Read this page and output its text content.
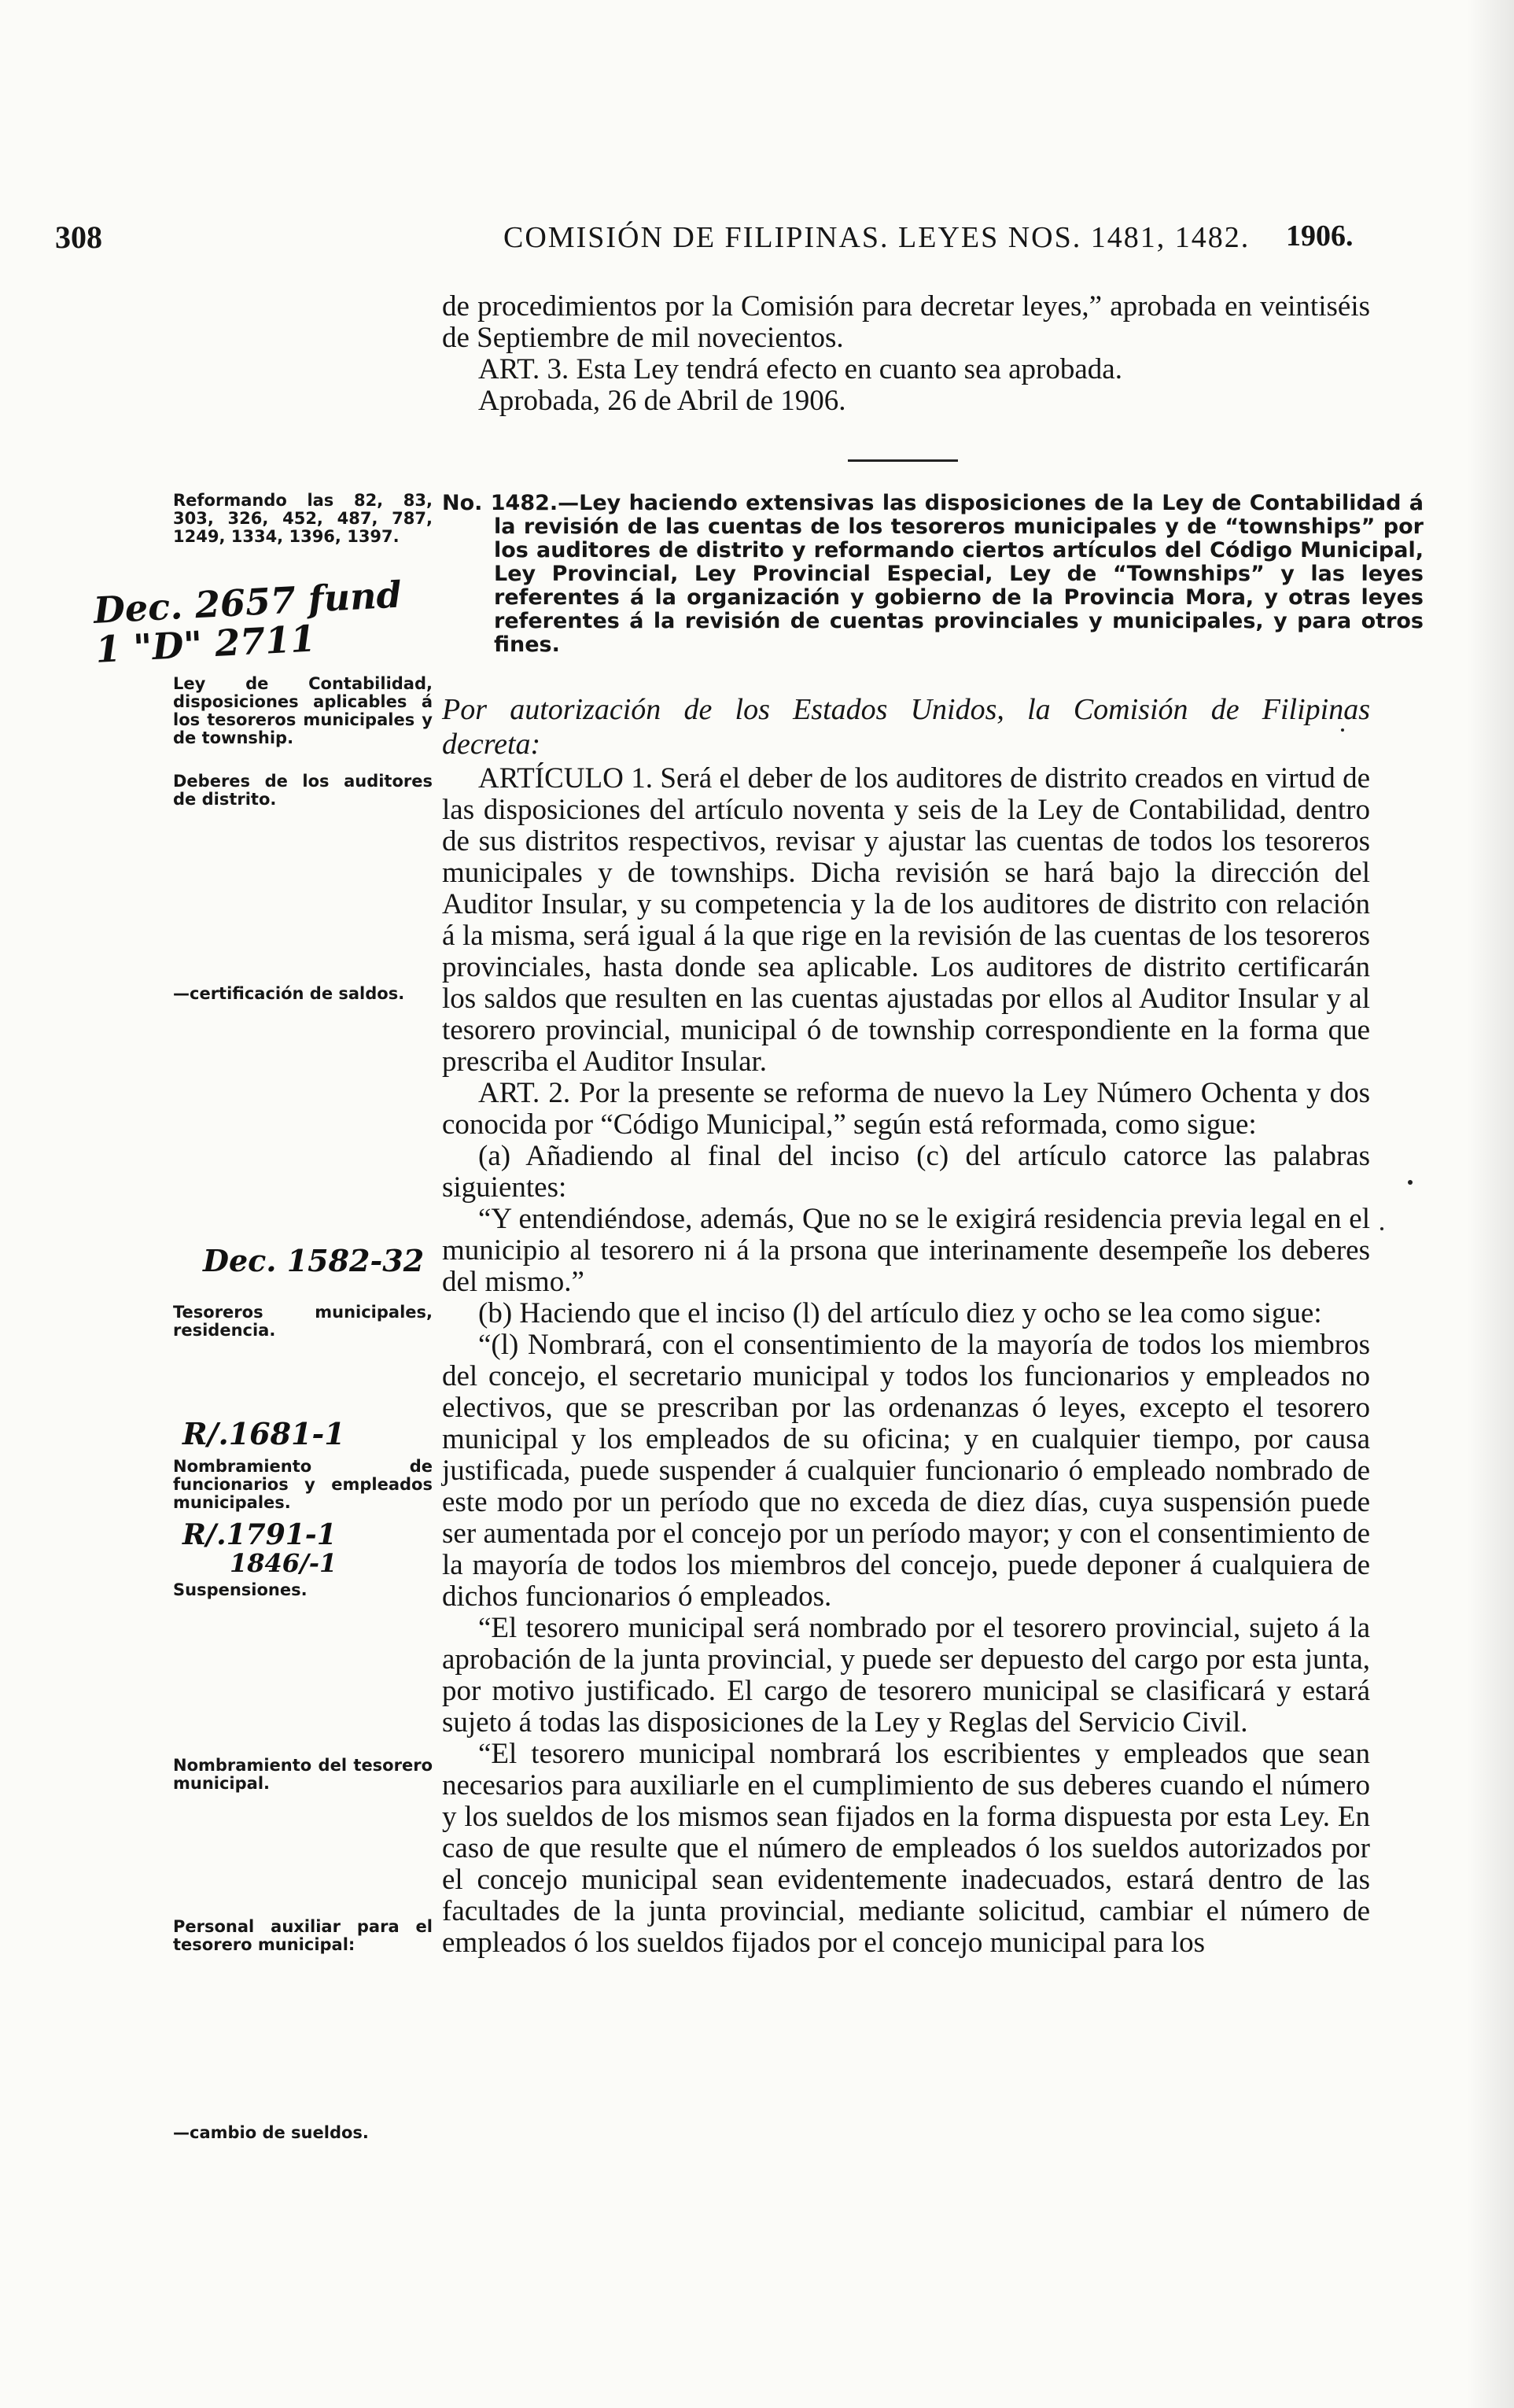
308	COMISIÓN DE FILIPINAS. LEYES NOS. 1481, 1482. 1906.

de procedimientos por la Comisión para decretar leyes,” aprobada en veintiséis de Septiembre de mil novecientos.

ART. 3. Esta Ley tendrá efecto en cuanto sea aprobada.

Aprobada, 26 de Abril de 1906.

No. 1482.—Ley haciendo extensivas las disposiciones de la Ley de Contabilidad á la revisión de las cuentas de los tesoreros municipales y de “townships” por los auditores de distrito y reformando ciertos artículos del Código Municipal, Ley Provincial, Ley Provincial Especial, Ley de “Townships” y las leyes referentes á la organización y gobierno de la Provincia Mora, y otras leyes referentes á la revisión de cuentas provinciales y municipales, y para otros fines.
Por autorización de los Estados Unidos, la Comisión de Filipinas
decreta:

ARTÍCULO 1. Será el deber de los auditores de distrito creados en virtud de las disposiciones del artículo noventa y seis de la Ley de Contabilidad, dentro de sus distritos respectivos, revisar y ajustar las cuentas de todos los tesoreros municipales y de townships. Dicha revisión se hará bajo la dirección del Auditor Insular, y su competencia y la de los auditores de distrito con relación á la misma, será igual á la que rige en la revisión de las cuentas de los tesoreros provinciales, hasta donde sea aplicable. Los auditores de distrito certificarán los saldos que resulten en las cuentas ajustadas por ellos al Auditor Insular y al tesorero provincial, municipal ó de township correspondiente en la forma que prescriba el Auditor Insular.

ART. 2. Por la presente se reforma de nuevo la Ley Número Ochenta y dos conocida por “Código Municipal,” según está reformada, como sigue:

(a) Añadiendo al final del inciso (c) del artículo catorce las palabras siguientes:

“Y entendiéndose, además, Que no se le exigirá residencia previa legal en el municipio al tesorero ni á la prsona que interinamente desempeñe los deberes del mismo.”

(b) Haciendo que el inciso (l) del artículo diez y ocho se lea como sigue:

“(l) Nombrará, con el consentimiento de la mayoría de todos los miembros del concejo, el secretario municipal y todos los funcionarios y empleados no electivos, que se prescriban por las ordenanzas ó leyes, excepto el tesorero municipal y los empleados de su oficina; y en cualquier tiempo, por causa justificada, puede suspender á cualquier funcionario ó empleado nombrado de este modo por un período que no exceda de diez días, cuya suspensión puede ser aumentada por el concejo por un período mayor; y con el consentimiento de la mayoría de todos los miembros del concejo, puede deponer á cualquiera de dichos funcionarios ó empleados.

“El tesorero municipal será nombrado por el tesorero provincial, sujeto á la aprobación de la junta provincial, y puede ser depuesto del cargo por esta junta, por motivo justificado. El cargo de tesorero municipal se clasificará y estará sujeto á todas las disposiciones de la Ley y Reglas del Servicio Civil.

“El tesorero municipal nombrará los escribientes y empleados que sean necesarios para auxiliarle en el cumplimiento de sus deberes cuando el número y los sueldos de los mismos sean fijados en la forma dispuesta por esta Ley. En caso de que resulte que el número de empleados ó los sueldos autorizados por el concejo municipal sean evidentemente inadecuados, estará dentro de las facultades de la junta provincial, mediante solicitud, cambiar el número de empleados ó los sueldos fijados por el concejo municipal para los

Reformando las 82, 83, 303, 326, 452, 487, 787, 1249, 1334, 1396, 1397.
Ley de Contabilidad, disposiciones aplicables á los tesoreros municipales y de township.
Deberes de los auditores de distrito.
—certificación de saldos.
Tesoreros municipales, residencia.
Nombramiento de funcionarios y empleados municipales.
Suspensiones.
Nombramiento del tesorero municipal.
Personal auxiliar para el tesorero municipal:
—cambio de sueldos.
Dec. 2657 fund 1 "D" 2711
Dec. 1582-32
R/.1681-1
R/.1791-1
1846/-1
